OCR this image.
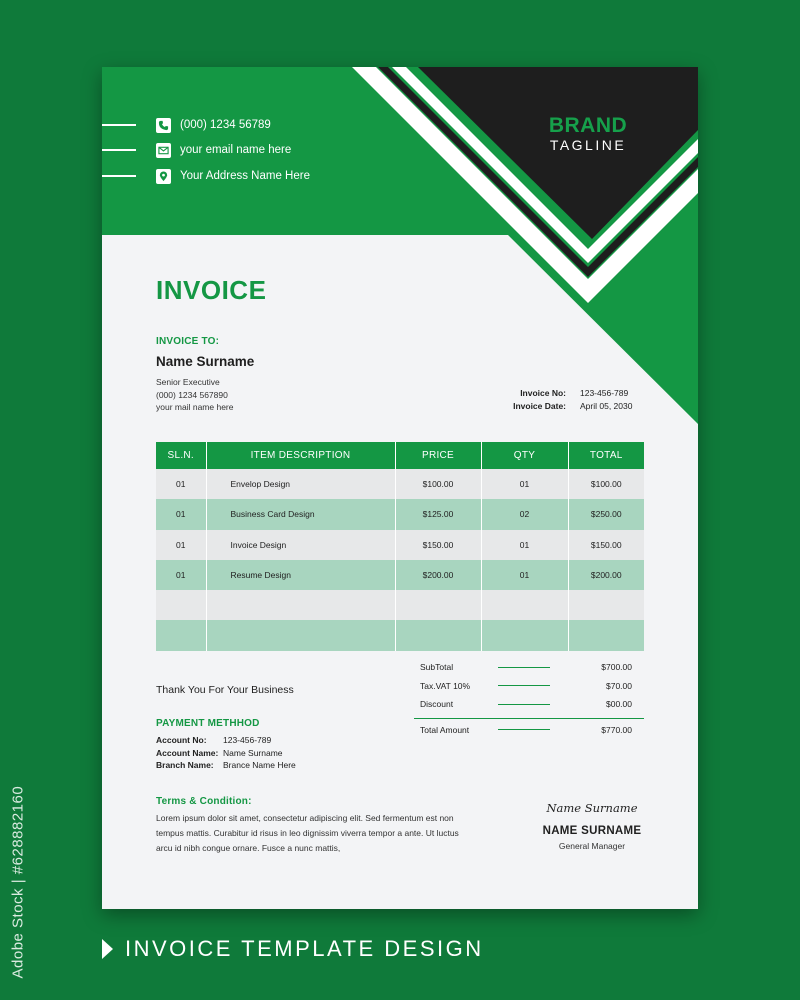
Adobe Stock | #628882160
(000) 1234 56789
your email name here
Your Address Name Here
BRAND
TAGLINE
INVOICE
INVOICE TO:
Name Surname
Senior Executive
(000) 1234 567890
your mail name here
Invoice No:	123-456-789
Invoice Date:	April 05, 2030
SL.N.	ITEM DESCRIPTION	PRICE	QTY	TOTAL
01	Envelop Design	$100.00	01	$100.00
01	Business Card Design	$125.00	02	$250.00
01	Invoice Design	$150.00	01	$150.00
01	Resume Design	$200.00	01	$200.00

SubTotal	$700.00
Tax.VAT 10%	$70.00
Discount	$00.00
Total Amount	$770.00
Thank You For Your Business
PAYMENT METHHOD
Account No:	123-456-789
Account Name: Name Surname
Branch Name:	Brance Name Here
Terms & Condition:
Lorem ipsum dolor sit amet, consectetur adipiscing elit. Sed fermentum est non tempus mattis. Curabitur id risus in leo dignissim viverra tempor a ante. Ut luctus arcu id nibh congue ornare. Fusce a nunc mattis,
Name Surname
NAME SURNAME
General Manager
INVOICE TEMPLATE DESIGN
